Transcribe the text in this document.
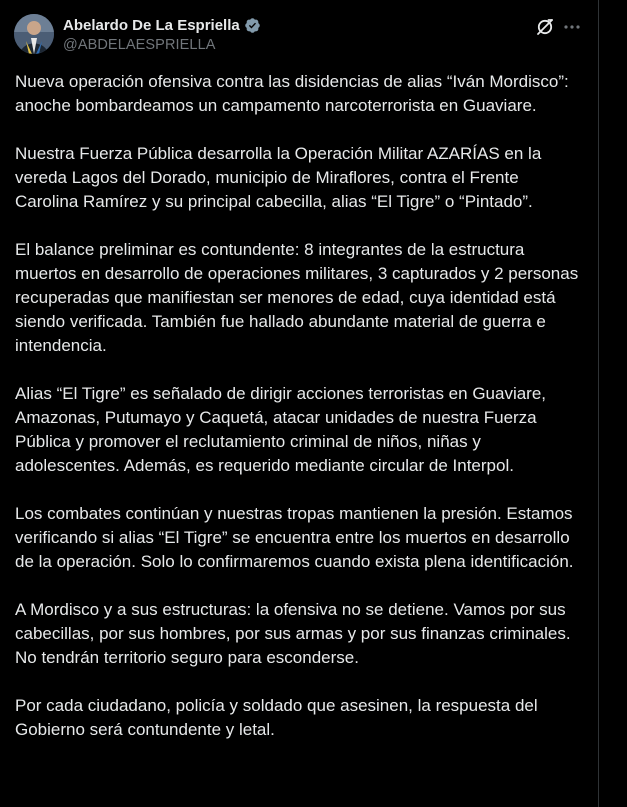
Abelardo De La Espriella
@ABDELAESPRIELLA

Nueva operación ofensiva contra las disidencias de alias “Iván Mordisco”: anoche bombardeamos un campamento narcoterrorista en Guaviare.

Nuestra Fuerza Pública desarrolla la Operación Militar AZARÍAS en la vereda Lagos del Dorado, municipio de Miraflores, contra el Frente Carolina Ramírez y su principal cabecilla, alias “El Tigre” o “Pintado”.

El balance preliminar es contundente: 8 integrantes de la estructura muertos en desarrollo de operaciones militares, 3 capturados y 2 personas recuperadas que manifiestan ser menores de edad, cuya identidad está siendo verificada. También fue hallado abundante material de guerra e intendencia.

Alias “El Tigre” es señalado de dirigir acciones terroristas en Guaviare, Amazonas, Putumayo y Caquetá, atacar unidades de nuestra Fuerza Pública y promover el reclutamiento criminal de niños, niñas y adolescentes. Además, es requerido mediante circular de Interpol.

Los combates continúan y nuestras tropas mantienen la presión. Estamos verificando si alias “El Tigre” se encuentra entre los muertos en desarrollo de la operación. Solo lo confirmaremos cuando exista plena identificación.

A Mordisco y a sus estructuras: la ofensiva no se detiene. Vamos por sus cabecillas, por sus hombres, por sus armas y por sus finanzas criminales. No tendrán territorio seguro para esconderse.

Por cada ciudadano, policía y soldado que asesinen, la respuesta del Gobierno será contundente y letal.
